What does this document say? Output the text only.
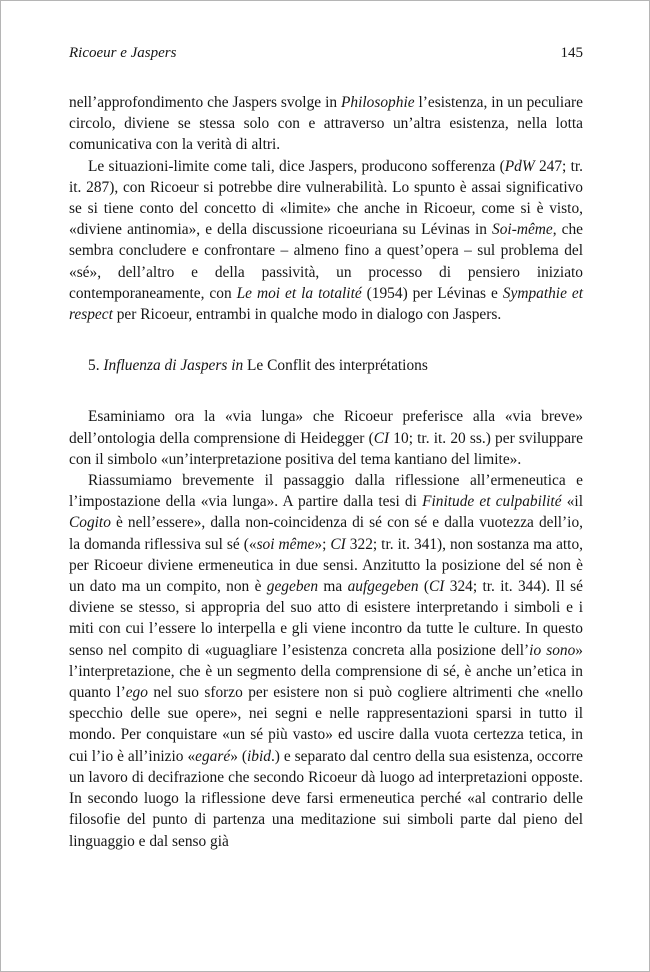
Ricoeur e Jaspers	145

nell’approfondimento che Jaspers svolge in Philosophie l’esistenza, in un peculiare circolo, diviene se stessa solo con e attraverso un’altra esistenza, nella lotta comunicativa con la verità di altri.

Le situazioni-limite come tali, dice Jaspers, producono sofferenza (PdW 247; tr. it. 287), con Ricoeur si potrebbe dire vulnerabilità. Lo spunto è assai significativo se si tiene conto del concetto di «limite» che anche in Ricoeur, come si è visto, «diviene antinomia», e della discussione ricoeuriana su Lévinas in Soi-même, che sembra concludere e confrontare – almeno fino a quest’opera – sul problema del «sé», dell’altro e della passività, un processo di pensiero iniziato contemporaneamente, con Le moi et la totalité (1954) per Lévinas e Sympathie et respect per Ricoeur, entrambi in qualche modo in dialogo con Jaspers.

5. Influenza di Jaspers in Le Conflit des interprétations

Esaminiamo ora la «via lunga» che Ricoeur preferisce alla «via breve» dell’ontologia della comprensione di Heidegger (CI 10; tr. it. 20 ss.) per sviluppare con il simbolo «un’interpretazione positiva del tema kantiano del limite».

Riassumiamo brevemente il passaggio dalla riflessione all’ermeneutica e l’impostazione della «via lunga». A partire dalla tesi di Finitude et culpabilité «il Cogito è nell’essere», dalla non-coincidenza di sé con sé e dalla vuotezza dell’io, la domanda riflessiva sul sé («soi même»; CI 322; tr. it. 341), non sostanza ma atto, per Ricoeur diviene ermeneutica in due sensi. Anzitutto la posizione del sé non è un dato ma un compito, non è gegeben ma aufgegeben (CI 324; tr. it. 344). Il sé diviene se stesso, si appropria del suo atto di esistere interpretando i simboli e i miti con cui l’essere lo interpella e gli viene incontro da tutte le culture. In questo senso nel compito di «uguagliare l’esistenza concreta alla posizione dell’io sono» l’interpretazione, che è un segmento della comprensione di sé, è anche un’etica in quanto l’ego nel suo sforzo per esistere non si può cogliere altrimenti che «nello specchio delle sue opere», nei segni e nelle rappresentazioni sparsi in tutto il mondo. Per conquistare «un sé più vasto» ed uscire dalla vuota certezza tetica, in cui l’io è all’inizio «egaré» (ibid.) e separato dal centro della sua esistenza, occorre un lavoro di decifrazione che secondo Ricoeur dà luogo ad interpretazioni opposte. In secondo luogo la riflessione deve farsi ermeneutica perché «al contrario delle filosofie del punto di partenza una meditazione sui simboli parte dal pieno del linguaggio e dal senso già
